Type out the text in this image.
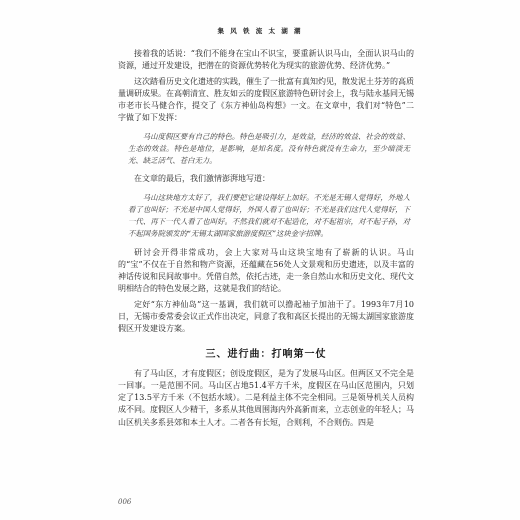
集 风 铁 流 太 湖 潮

接着我的话说：“我们不能身在宝山不识宝，要重新认识马山，全面认识马山的资源，通过开发建设，把潜在的资源优势转化为现实的旅游优势、经济优势。”

这次踏看历史文化遗迹的实践，催生了一批富有真知灼见，散发泥土芬芳的高质量调研成果。在高朝清宣、胜友如云的度假区旅游特色研讨会上，我与陆永基同无锡市老市长马健合作，提交了《东方神仙岛构想》一文。在文章中，我们对“特色”二字做了如下发挥：

马山度假区要有自己的特色。特色是吸引力，是效益，经济的效益、社会的效益、生态的效益。特色是地位，是影响，是知名度。没有特色就没有生命力，至少暗淡无光、缺乏活气、苍白无力。

在文章的最后，我们激情澎湃地写道：

马山这块地方太好了，我们要把它建设得好上加好。不光是无锡人觉得好，外地人看了也叫好；不光是中国人觉得好，外国人看了也叫好；不光是我们这代人觉得好，下一代、再下一代人看了也叫好。不然我们就对不起造化，对不起祖宗，对不起子孙，对不起国务院颁发的“无锡太湖国家旅游度假区”这块金字招牌。

研讨会开得非常成功，会上大家对马山这块宝地有了崭新的认识。马山的“宝”不仅在于自然和物产资源，还蕴藏在56处人文景观和历史遗迹，以及丰富的神话传说和民间故事中。凭借自然，依托古迹，走一条自然山水和历史文化、现代文明相结合的特色发展之路，这就是我们的结论。

定好“东方神仙岛”这一基调，我们就可以撸起袖子加油干了。1993年7月10日，无锡市委常委会议正式作出决定，同意了我和高区长提出的无锡太湖国家旅游度假区开发建设方案。

三、进行曲：打响第一仗

有了马山区，才有度假区；创设度假区，是为了发展马山区。但两区又不完全是一回事。一是范围不同。马山区占地51.4平方千米，度假区在马山区范围内，只划定了13.5平方千米（不包括水域）。二是利益主体不完全相同。三是领导机关人员构成不同。度假区人少精干，多系从其他周围海内外高新而来，立志创业的年轻人；马山区机关多系县郊和本土人才。二者各有长短，合则利，不合则伤。四是

006
